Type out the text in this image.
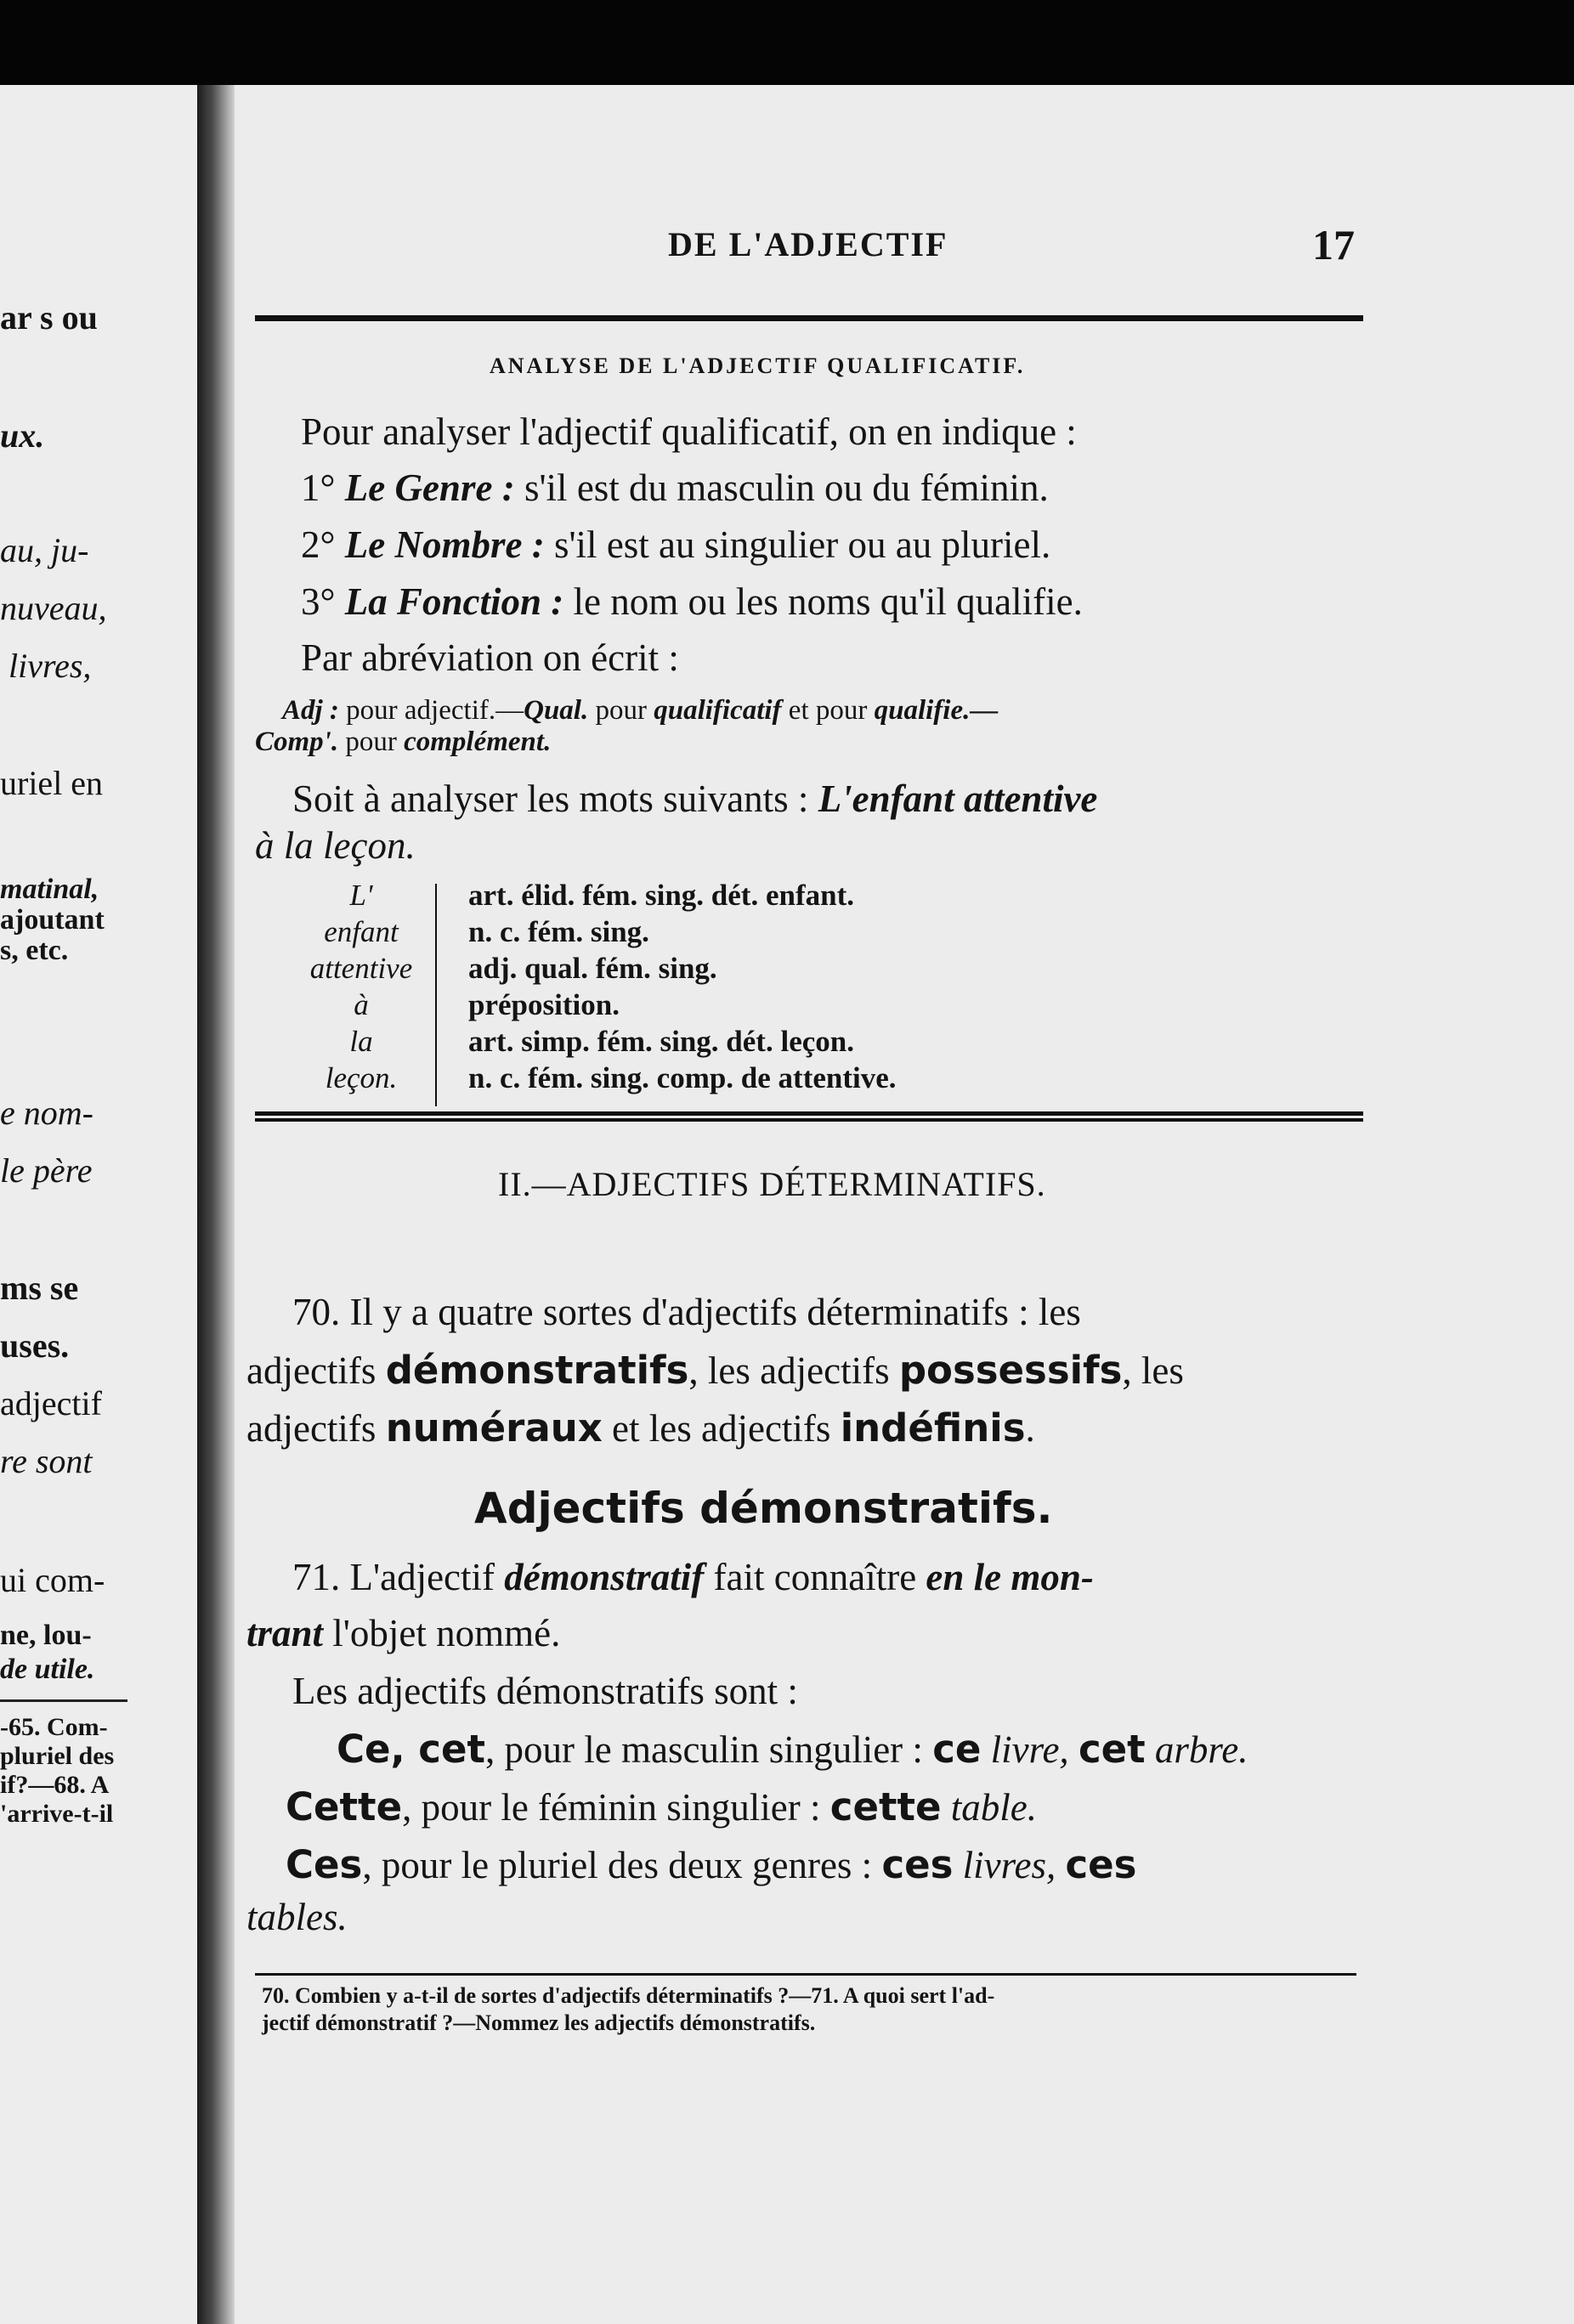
ar s ou
ux.
au, ju-
nuveau,
livres,
uriel en
matinal,
ajoutant
s, etc.
e nom-
le père
ms se
uses.
adjectif
re sont
ui com-
ne, lou-
de utile.
-65. Com-
pluriel des
if?—68. A
'arrive-t-il
DE L'ADJECTIF	17
ANALYSE DE L'ADJECTIF QUALIFICATIF.
Pour analyser l'adjectif qualificatif, on en indique :
1° Le Genre : s'il est du masculin ou du féminin.
2° Le Nombre : s'il est au singulier ou au pluriel.
3° La Fonction : le nom ou les noms qu'il qualifie.
Par abréviation on écrit :
Adj : pour adjectif.—Qual. pour qualificatif et pour qualifie.—
Comp'. pour complément.
Soit à analyser les mots suivants : L'enfant attentive
à la leçon.
L'
enfant
attentive
à
la
leçon.
art. élid. fém. sing. dét. enfant.
n. c. fém. sing.
adj. qual. fém. sing.
préposition.
art. simp. fém. sing. dét. leçon.
n. c. fém. sing. comp. de attentive.
II.—ADJECTIFS DÉTERMINATIFS.
70. Il y a quatre sortes d'adjectifs déterminatifs : les
adjectifs démonstratifs, les adjectifs possessifs, les
adjectifs numéraux et les adjectifs indéfinis.
Adjectifs démonstratifs.
71. L'adjectif démonstratif fait connaître en le mon-
trant l'objet nommé.
Les adjectifs démonstratifs sont :
Ce, cet, pour le masculin singulier : ce livre, cet arbre.
Cette, pour le féminin singulier : cette table.
Ces, pour le pluriel des deux genres : ces livres, ces
tables.
70. Combien y a-t-il de sortes d'adjectifs déterminatifs ?—71. A quoi sert l'ad-
jectif démonstratif ?—Nommez les adjectifs démonstratifs.
